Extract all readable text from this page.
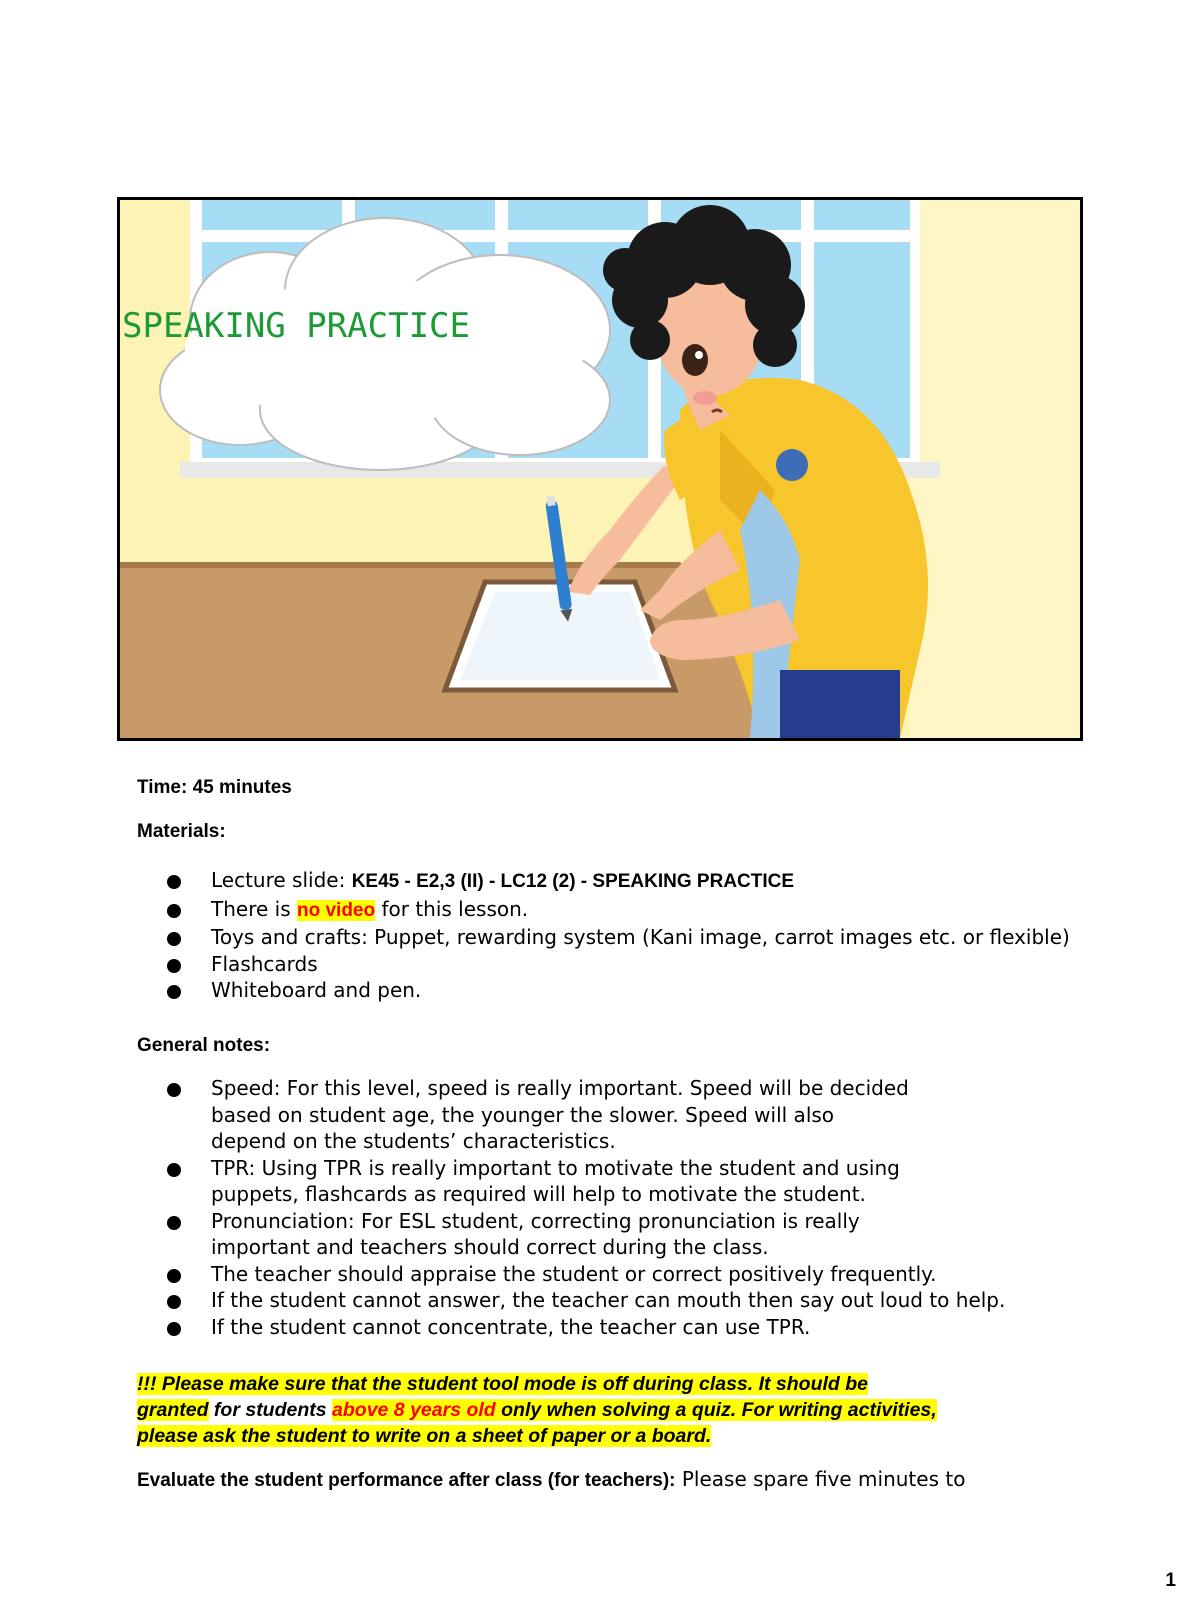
SPEAKING PRACTICE
Time: 45 minutes
Materials:
Lecture slide: KE45 - E2,3 (II) - LC12 (2) - SPEAKING PRACTICE
There is no video for this lesson.
Toys and crafts: Puppet, rewarding system (Kani image, carrot images etc. or flexible)
Flashcards
Whiteboard and pen.
General notes:
Speed: For this level, speed is really important. Speed will be decided
based on student age, the younger the slower. Speed will also
depend on the students’ characteristics.
TPR: Using TPR is really important to motivate the student and using
puppets, flashcards as required will help to motivate the student.
Pronunciation: For ESL student, correcting pronunciation is really
important and teachers should correct during the class.
The teacher should appraise the student or correct positively frequently.
If the student cannot answer, the teacher can mouth then say out loud to help.
If the student cannot concentrate, the teacher can use TPR.
!!! Please make sure that the student tool mode is off during class. It should be
granted for students above 8 years old only when solving a quiz. For writing activities,
please ask the student to write on a sheet of paper or a board.
Evaluate the student performance after class (for teachers): Please spare five minutes to
1
